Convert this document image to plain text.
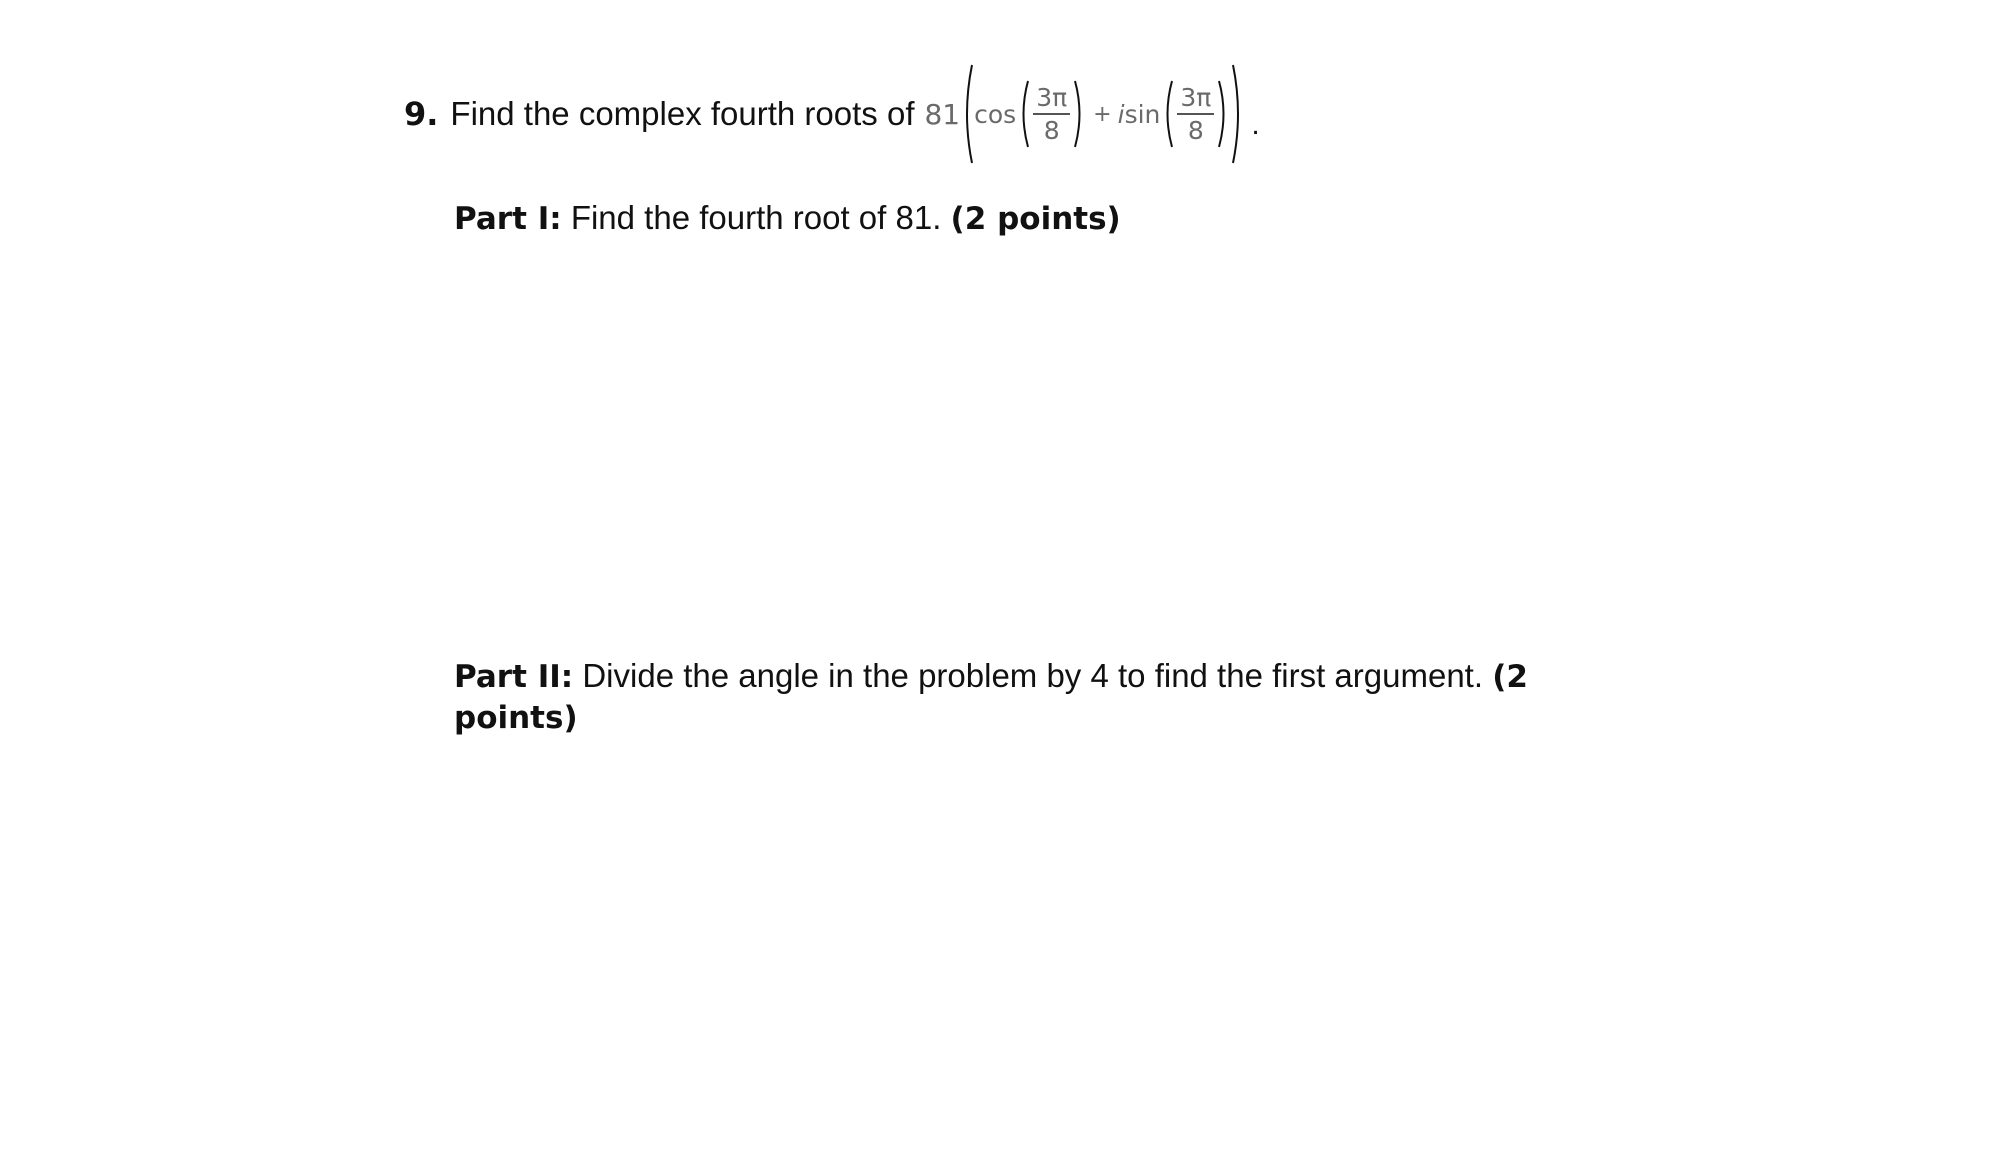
9. Find the complex fourth roots of 81 $\cos \frac{3\pi}{8} + i$ $\sin \frac{3\pi}{8}$ .
Part I: Find the fourth root of 81. (2 points)
Part II: Divide the angle in the problem by 4 to find the first argument. (2 points)
